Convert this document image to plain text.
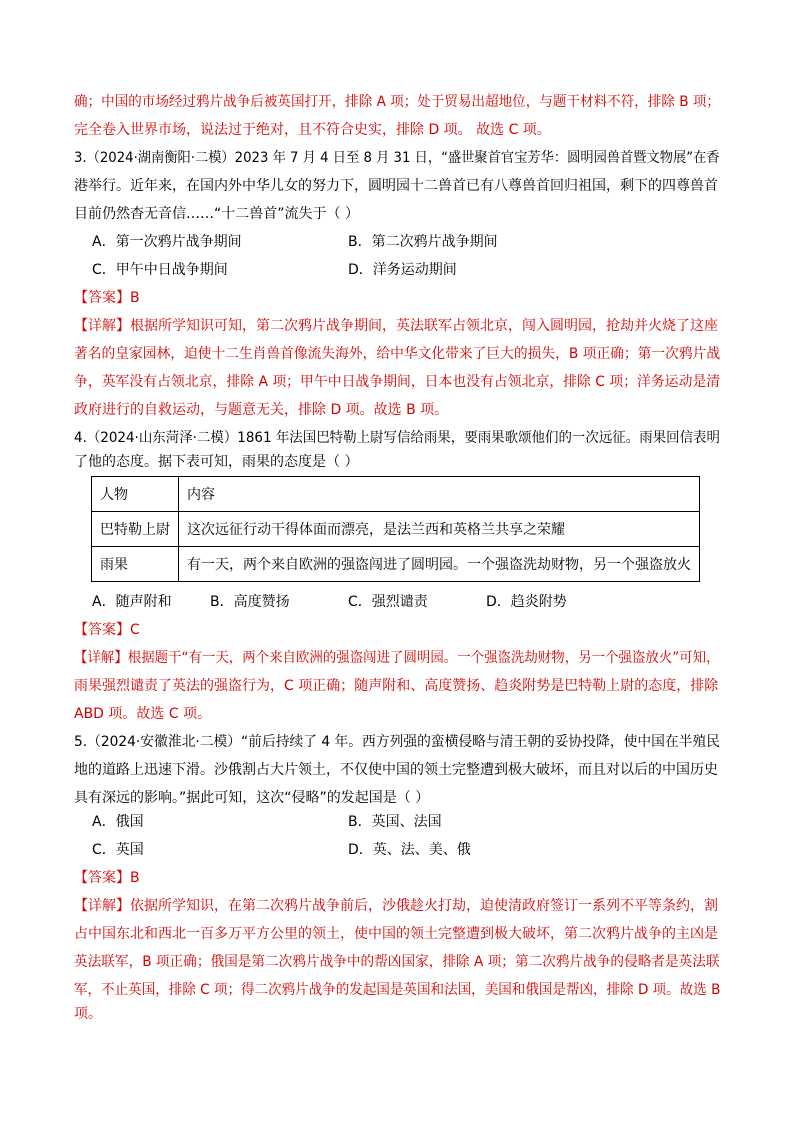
确；中国的市场经过鸦片战争后被英国打开，排除 A 项；处于贸易出超地位，与题干材料不符，排除 B 项；
完全卷入世界市场，说法过于绝对，且不符合史实，排除 D 项。 故选 C 项。
3.（2024·湖南衡阳·二模）2023 年 7 月 4 日至 8 月 31 日，“盛世聚首官宝芳华：圆明园兽首暨文物展”在香
港举行。近年来，在国内外中华儿女的努力下，圆明园十二兽首已有八尊兽首回归祖国，剩下的四尊兽首
目前仍然杳无音信……“十二兽首”流失于（ ）
A．第一次鸦片战争期间	B．第二次鸦片战争期间
C．甲午中日战争期间	D．洋务运动期间
【答案】B
【详解】根据所学知识可知，第二次鸦片战争期间，英法联军占领北京，闯入圆明园，抢劫并火烧了这座
著名的皇家园林，迫使十二生肖兽首像流失海外，给中华文化带来了巨大的损失，B 项正确；第一次鸦片战
争，英军没有占领北京，排除 A 项；甲午中日战争期间，日本也没有占领北京，排除 C 项；洋务运动是清
政府进行的自救运动，与题意无关，排除 D 项。故选 B 项。
4.（2024·山东菏泽·二模）1861 年法国巴特勒上尉写信给雨果，要雨果歌颂他们的一次远征。雨果回信表明
了他的态度。据下表可知，雨果的态度是（ ）
人物	内容
巴特勒上尉	这次远征行动干得体面而漂亮，是法兰西和英格兰共享之荣耀
雨果	有一天，两个来自欧洲的强盗闯进了圆明园。一个强盗洗劫财物，另一个强盗放火
A．随声附和	B．高度赞扬	C．强烈谴责	D．趋炎附势
【答案】C
【详解】根据题干“有一天，两个来自欧洲的强盗闯进了圆明园。一个强盗洗劫财物，另一个强盗放火”可知，
雨果强烈谴责了英法的强盗行为，C 项正确；随声附和、高度赞扬、趋炎附势是巴特勒上尉的态度，排除
ABD 项。故选 C 项。
5.（2024·安徽淮北·二模）“前后持续了 4 年。西方列强的蛮横侵略与清王朝的妥协投降，使中国在半殖民
地的道路上迅速下滑。沙俄割占大片领土，不仅使中国的领土完整遭到极大破坏，而且对以后的中国历史
具有深远的影响。”据此可知，这次“侵略”的发起国是（ ）
A．俄国	B．英国、法国
C．英国	D．英、法、美、俄
【答案】B
【详解】依据所学知识，在第二次鸦片战争前后，沙俄趁火打劫，迫使清政府签订一系列不平等条约，割
占中国东北和西北一百多万平方公里的领土，使中国的领土完整遭到极大破坏，第二次鸦片战争的主凶是
英法联军，B 项正确；俄国是第二次鸦片战争中的帮凶国家，排除 A 项；第二次鸦片战争的侵略者是英法联
军，不止英国，排除 C 项；得二次鸦片战争的发起国是英国和法国，美国和俄国是帮凶，排除 D 项。故选 B
项。
